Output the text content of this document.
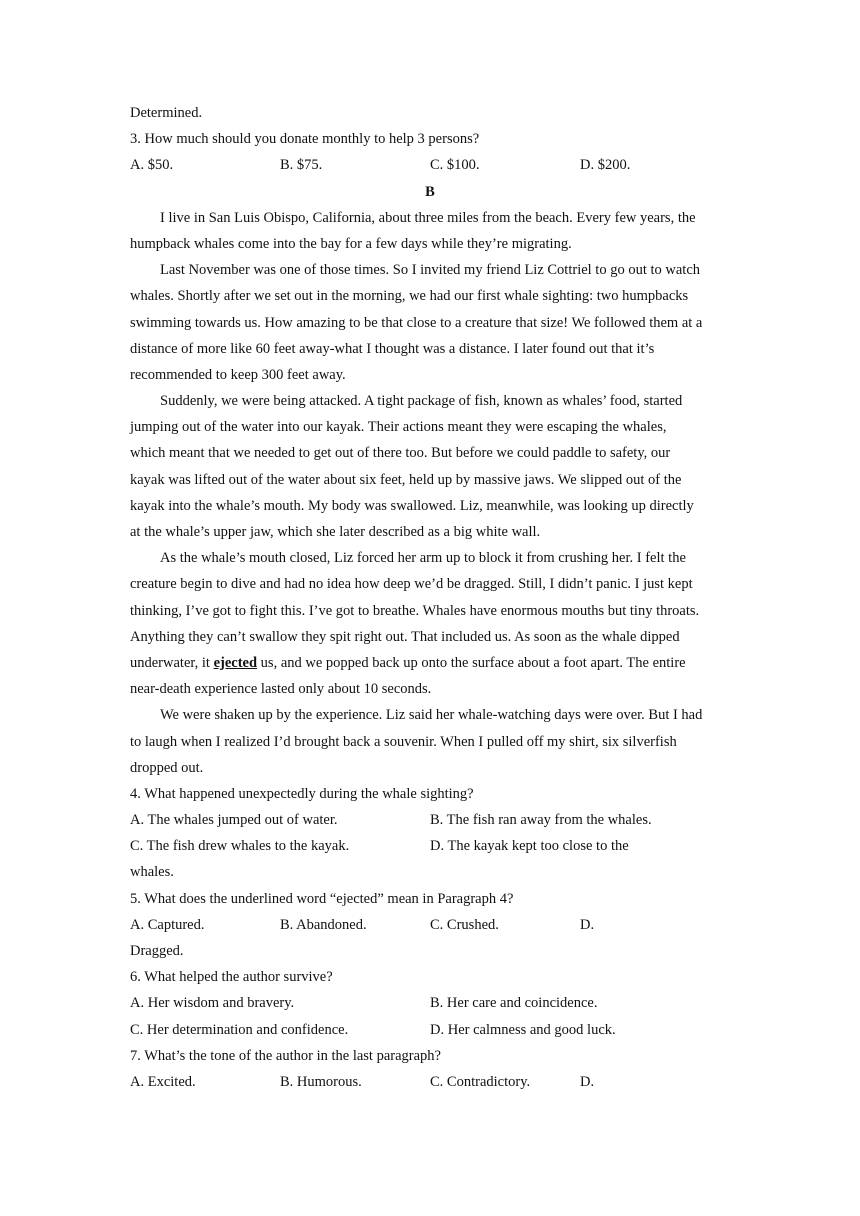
Determined.
3. How much should you donate monthly to help 3 persons?
A. $50.	B. $75.	C. $100.	D. $200.
B
I live in San Luis Obispo, California, about three miles from the beach. Every few years, the
humpback whales come into the bay for a few days while they’re migrating.
Last November was one of those times. So I invited my friend Liz Cottriel to go out to watch
whales. Shortly after we set out in the morning, we had our first whale sighting: two humpbacks
swimming towards us. How amazing to be that close to a creature that size! We followed them at a
distance of more like 60 feet away-what I thought was a distance. I later found out that it’s
recommended to keep 300 feet away.
Suddenly, we were being attacked. A tight package of fish, known as whales’ food, started
jumping out of the water into our kayak. Their actions meant they were escaping the whales,
which meant that we needed to get out of there too. But before we could paddle to safety, our
kayak was lifted out of the water about six feet, held up by massive jaws. We slipped out of the
kayak into the whale’s mouth. My body was swallowed. Liz, meanwhile, was looking up directly
at the whale’s upper jaw, which she later described as a big white wall.
As the whale’s mouth closed, Liz forced her arm up to block it from crushing her. I felt the
creature begin to dive and had no idea how deep we’d be dragged. Still, I didn’t panic. I just kept
thinking, I’ve got to fight this. I’ve got to breathe. Whales have enormous mouths but tiny throats.
Anything they can’t swallow they spit right out. That included us. As soon as the whale dipped
underwater, it ejected us, and we popped back up onto the surface about a foot apart. The entire
near-death experience lasted only about 10 seconds.
We were shaken up by the experience. Liz said her whale-watching days were over. But I had
to laugh when I realized I’d brought back a souvenir. When I pulled off my shirt, six silverfish
dropped out.
4. What happened unexpectedly during the whale sighting?
A. The whales jumped out of water.	B. The fish ran away from the whales.
C. The fish drew whales to the kayak.	D. The kayak kept too close to the
whales.
5. What does the underlined word “ejected” mean in Paragraph 4?
A. Captured.	B. Abandoned.	C. Crushed.	D.
Dragged.
6. What helped the author survive?
A. Her wisdom and bravery.	B. Her care and coincidence.
C. Her determination and confidence.	D. Her calmness and good luck.
7. What’s the tone of the author in the last paragraph?
A. Excited.	B. Humorous.	C. Contradictory.	D.
